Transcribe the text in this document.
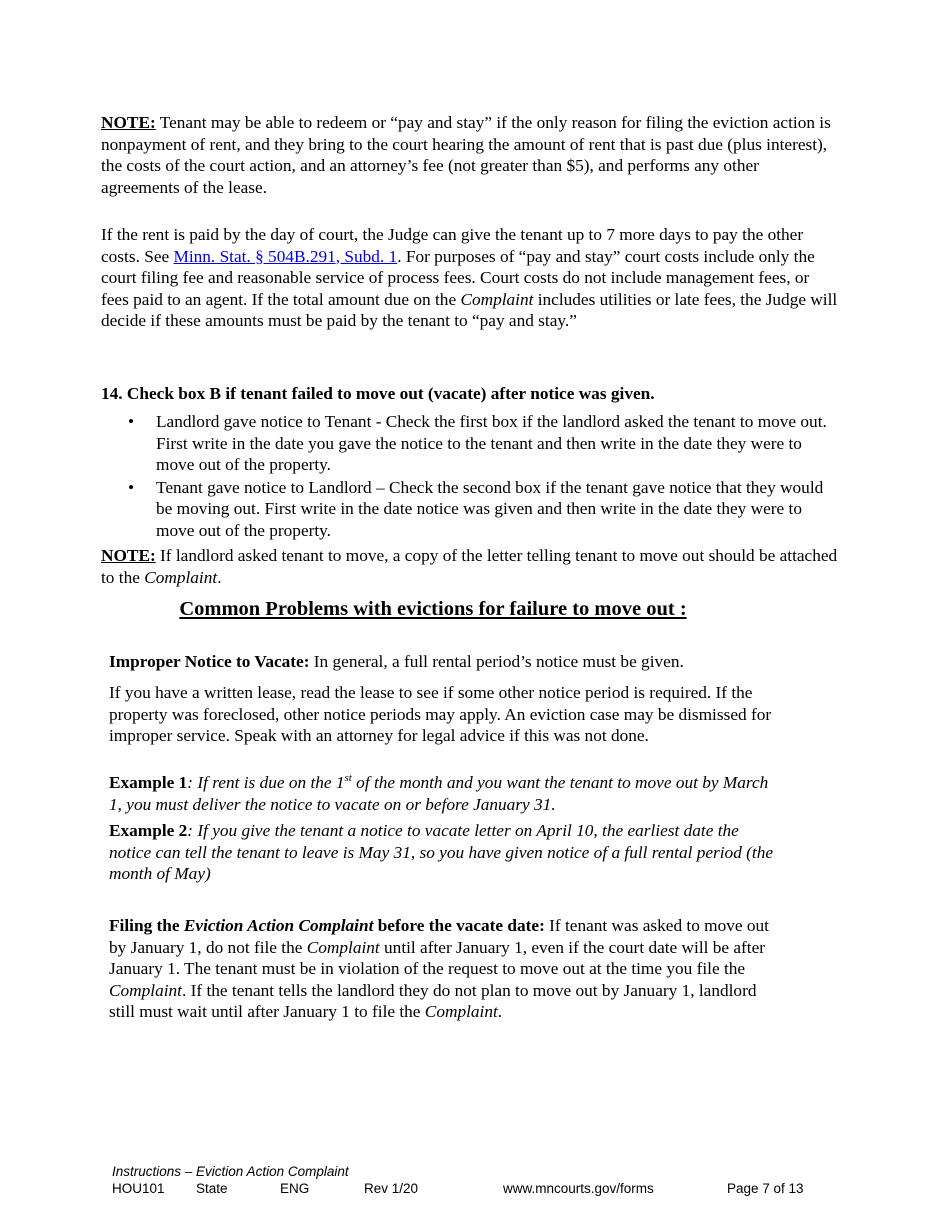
NOTE: Tenant may be able to redeem or “pay and stay” if the only reason for filing the eviction action is nonpayment of rent, and they bring to the court hearing the amount of rent that is past due (plus interest), the costs of the court action, and an attorney’s fee (not greater than $5), and performs any other agreements of the lease.

If the rent is paid by the day of court, the Judge can give the tenant up to 7 more days to pay the other costs. See Minn. Stat. § 504B.291, Subd. 1. For purposes of “pay and stay” court costs include only the court filing fee and reasonable service of process fees. Court costs do not include management fees, or fees paid to an agent. If the total amount due on the Complaint includes utilities or late fees, the Judge will decide if these amounts must be paid by the tenant to “pay and stay.”

14. Check box B if tenant failed to move out (vacate) after notice was given.

• Landlord gave notice to Tenant - Check the first box if the landlord asked the tenant to move out. First write in the date you gave the notice to the tenant and then write in the date they were to move out of the property.
• Tenant gave notice to Landlord – Check the second box if the tenant gave notice that they would be moving out. First write in the date notice was given and then write in the date they were to move out of the property.

NOTE: If landlord asked tenant to move, a copy of the letter telling tenant to move out should be attached to the Complaint.

Common Problems with evictions for failure to move out :

Improper Notice to Vacate: In general, a full rental period’s notice must be given.

If you have a written lease, read the lease to see if some other notice period is required. If the property was foreclosed, other notice periods may apply. An eviction case may be dismissed for improper service. Speak with an attorney for legal advice if this was not done.

Example 1: If rent is due on the 1st of the month and you want the tenant to move out by March 1, you must deliver the notice to vacate on or before January 31.

Example 2: If you give the tenant a notice to vacate letter on April 10, the earliest date the notice can tell the tenant to leave is May 31, so you have given notice of a full rental period (the month of May)

Filing the Eviction Action Complaint before the vacate date: If tenant was asked to move out by January 1, do not file the Complaint until after January 1, even if the court date will be after January 1. The tenant must be in violation of the request to move out at the time you file the Complaint. If the tenant tells the landlord they do not plan to move out by January 1, landlord still must wait until after January 1 to file the Complaint.

Instructions – Eviction Action Complaint
HOU101 State	ENG	Rev 1/20	www.mncourts.gov/forms	Page 7 of 13
